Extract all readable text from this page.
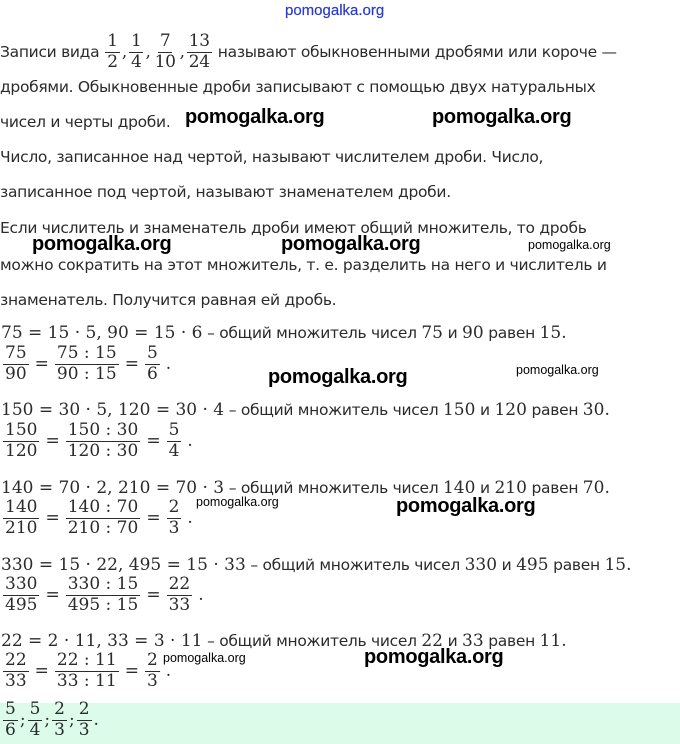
pomogalka.org
Записи вида $\frac{1}{2}$ , $\frac{1}{4}$ , $\frac{7}{10}$ , $\frac{13}{24}$ называют обыкновенными дробями или короче —
дробями. Обыкновенные дроби записывают с помощью двух натуральных
чисел и черты дроби.
Число, записанное над чертой, называют числителем дроби. Число,
записанное под чертой, называют знаменателем дроби.
Если числитель и знаменатель дроби имеют общий множитель, то дробь
можно сократить на этот множитель, т. е. разделить на него и числитель и
знаменатель. Получится равная ей дробь.
75 = 15 · 5, 90 = 15 · 6 – общий множитель чисел 75 и 90 равен 15.
$\frac{75}{90} = \frac{75 : 15}{90 : 15} = \frac{5}{6}$ .
150 = 30 · 5, 120 = 30 · 4 – общий множитель чисел 150 и 120 равен 30.
$\frac{150}{120} = \frac{150 : 30}{120 : 30} = \frac{5}{4}$ .
140 = 70 · 2, 210 = 70 · 3 – общий множитель чисел 140 и 210 равен 70.
$\frac{140}{210} = \frac{140 : 70}{210 : 70} = \frac{2}{3}$ .
330 = 15 · 22, 495 = 15 · 33 – общий множитель чисел 330 и 495 равен 15.
$\frac{330}{495} = \frac{330 : 15}{495 : 15} = \frac{22}{33}$ .
22 = 2 · 11, 33 = 3 · 11 – общий множитель чисел 22 и 33 равен 11.
$\frac{22}{33} = \frac{22 : 11}{33 : 11} = \frac{2}{3}$ .
$\frac{5}{6}$ ; $\frac{5}{4}$ ; $\frac{2}{3}$ ; $\frac{2}{3}$ .
pomogalka.org	pomogalka.org
pomogalka.org	pomogalka.org
pomogalka.org
pomogalka.org
pomogalka.org
pomogalka.org
pomogalka.org
pomogalka.org
pomogalka.org
